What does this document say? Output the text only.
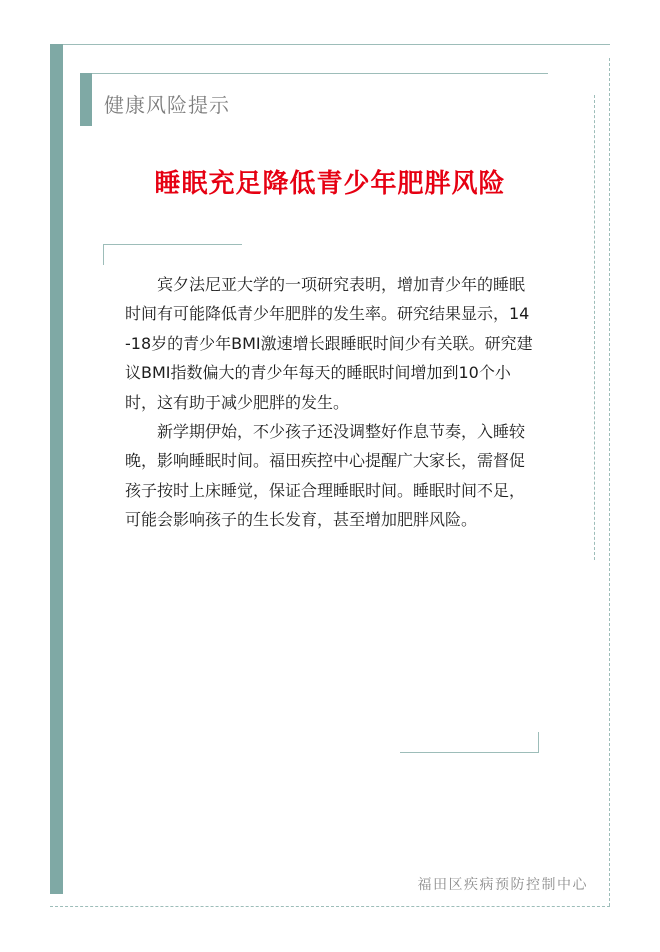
健康风险提示
睡眠充足降低青少年肥胖风险

宾夕法尼亚大学的一项研究表明，增加青少年的睡眠时间有可能降低青少年肥胖的发生率。研究结果显示，14-18岁的青少年BMI激速增长跟睡眠时间少有关联。研究建议BMI指数偏大的青少年每天的睡眠时间增加到10个小时，这有助于减少肥胖的发生。

新学期伊始，不少孩子还没调整好作息节奏，入睡较晚，影响睡眠时间。福田疾控中心提醒广大家长，需督促孩子按时上床睡觉，保证合理睡眠时间。睡眠时间不足，可能会影响孩子的生长发育，甚至增加肥胖风险。

福田区疾病预防控制中心
